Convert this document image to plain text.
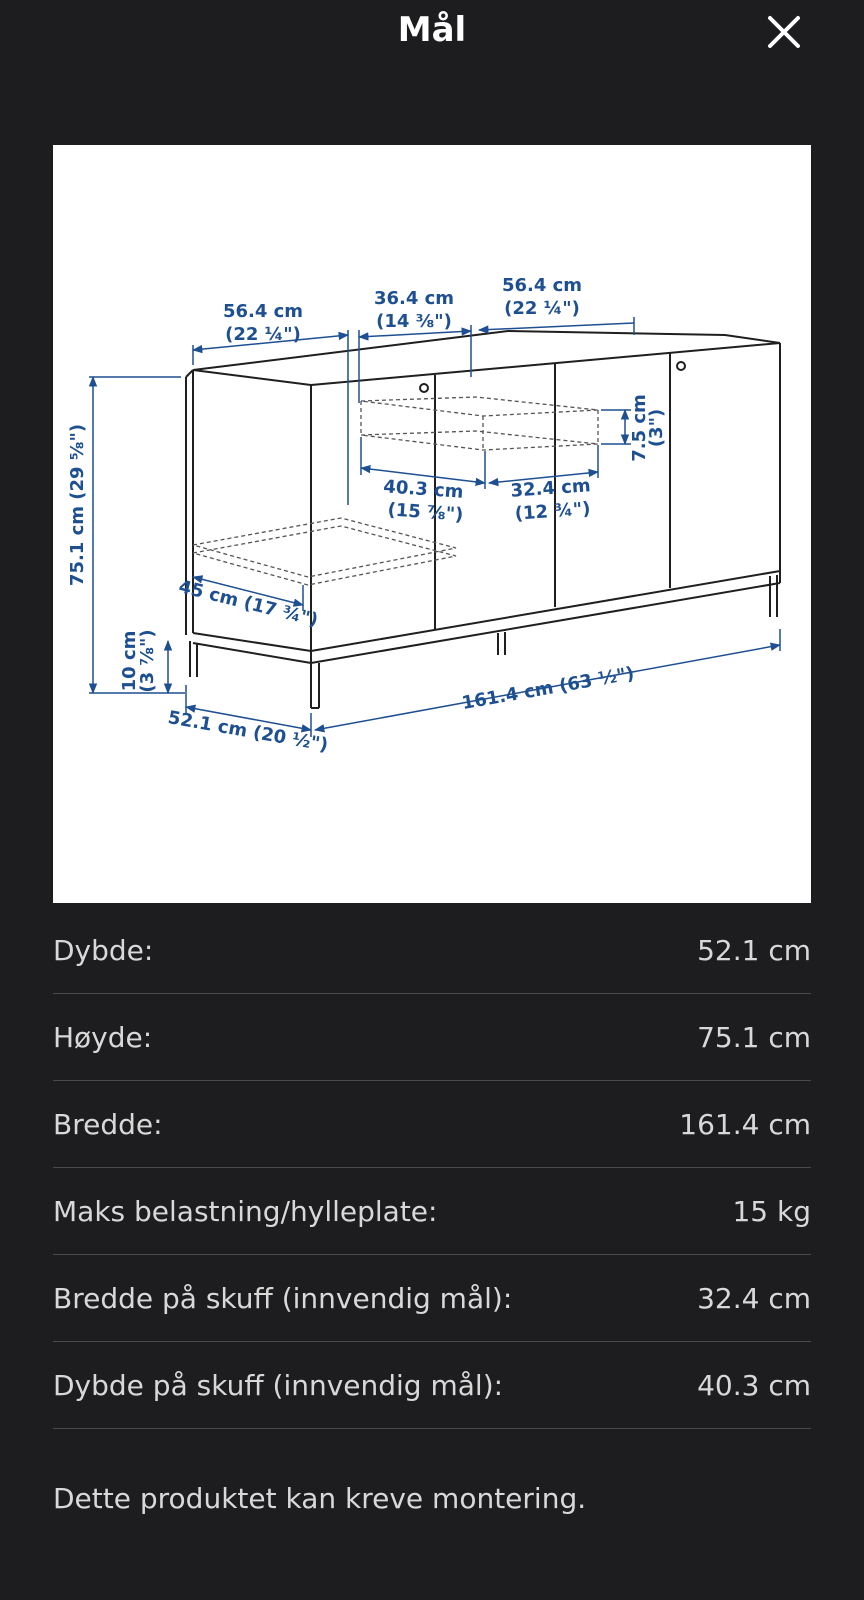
Mål
56.4 cm
(22 ¼")
36.4 cm
(14 ⅜")
56.4 cm
(22 ¼")
75.1 cm (29 ⅝")	40.3 cm
(15 ⅞")
32.4 cm
(12 ¾")
7.5 cm
(3")
45 cm (17 ¾")
10 cm
(3 ⅞")
52.1 cm (20 ½")
161.4 cm (63 ½")
Dybde:	52.1 cm
Høyde:	75.1 cm
Bredde:	161.4 cm
Maks belastning/hylleplate:	15 kg
Bredde på skuff (innvendig mål):	32.4 cm
Dybde på skuff (innvendig mål):	40.3 cm
Dette produktet kan kreve montering.
